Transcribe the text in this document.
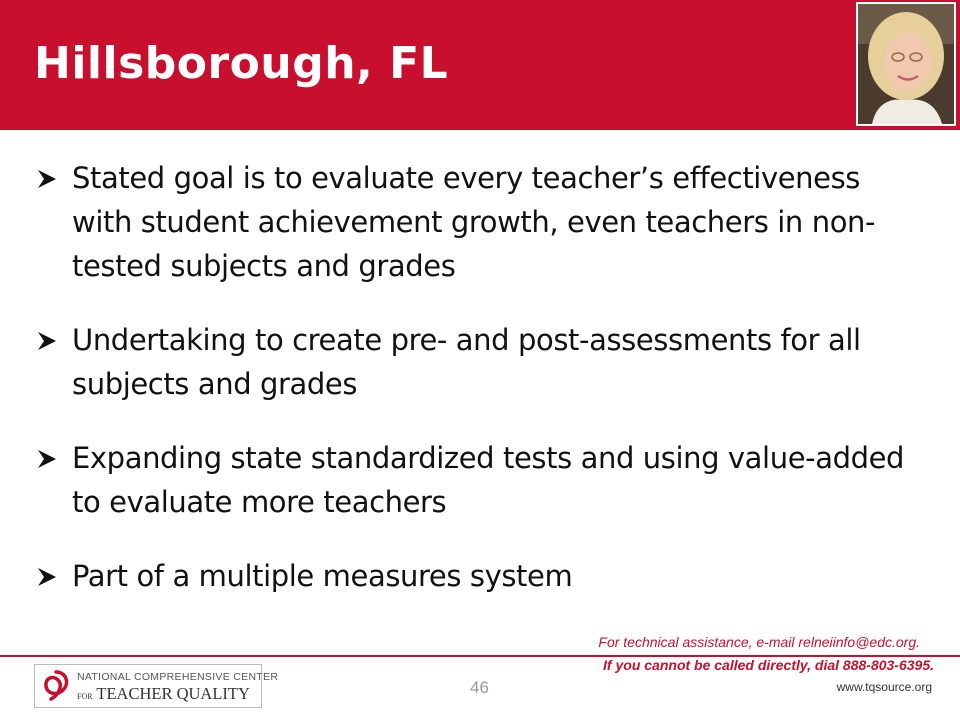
Hillsborough, FL
Stated goal is to evaluate every teacher’s effectiveness with student achievement growth, even teachers in non-tested subjects and grades
Undertaking to create pre- and post-assessments for all subjects and grades
Expanding state standardized tests and using value-added to evaluate more teachers
Part of a multiple measures system
For technical assistance, e-mail relneiinfo@edc.org.
If you cannot be called directly, dial 888-803-6395.
NATIONAL COMPREHENSIVE CENTER
FOR TEACHER QUALITY	46	www.tqsource.org
